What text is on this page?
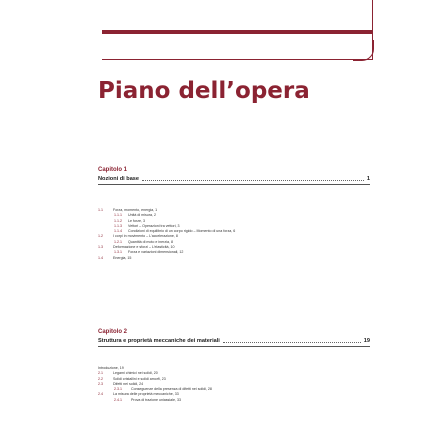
Piano dell’opera
Capitolo 1
Nozioni di base	1
1.1	Forza, momento, energia, 1
1.1.1 Unità di misura, 2
1.1.2 Le forze, 3
1.1.3 Vettori – Operazioni tra vettori, 3
1.1.4 Condizioni di equilibrio di un corpo rigido – Momento di una forza, 6
1.2	I corpi in movimento – L’accelerazione, 8
1.2.1 Quantità di moto e inerzia, 8
1.3	Deformazione e sforzi – L’elasticità, 10
1.3.1 Forza e variazioni dimensionali, 12
1.4	Energia, 15
Capitolo 2
Struttura e proprietà meccaniche dei materiali	19
Introduzione, 19
2.1	Legami chimici nei solidi, 20
2.2	Solidi cristallini e solidi amorfi, 23
2.3	Difetti nei solidi, 24
2.3.1	Conseguenze della presenza di difetti nei solidi, 28
2.4	La misura delle proprietà meccaniche, 33
2.4.1	Prova di trazione uniassiale, 33
